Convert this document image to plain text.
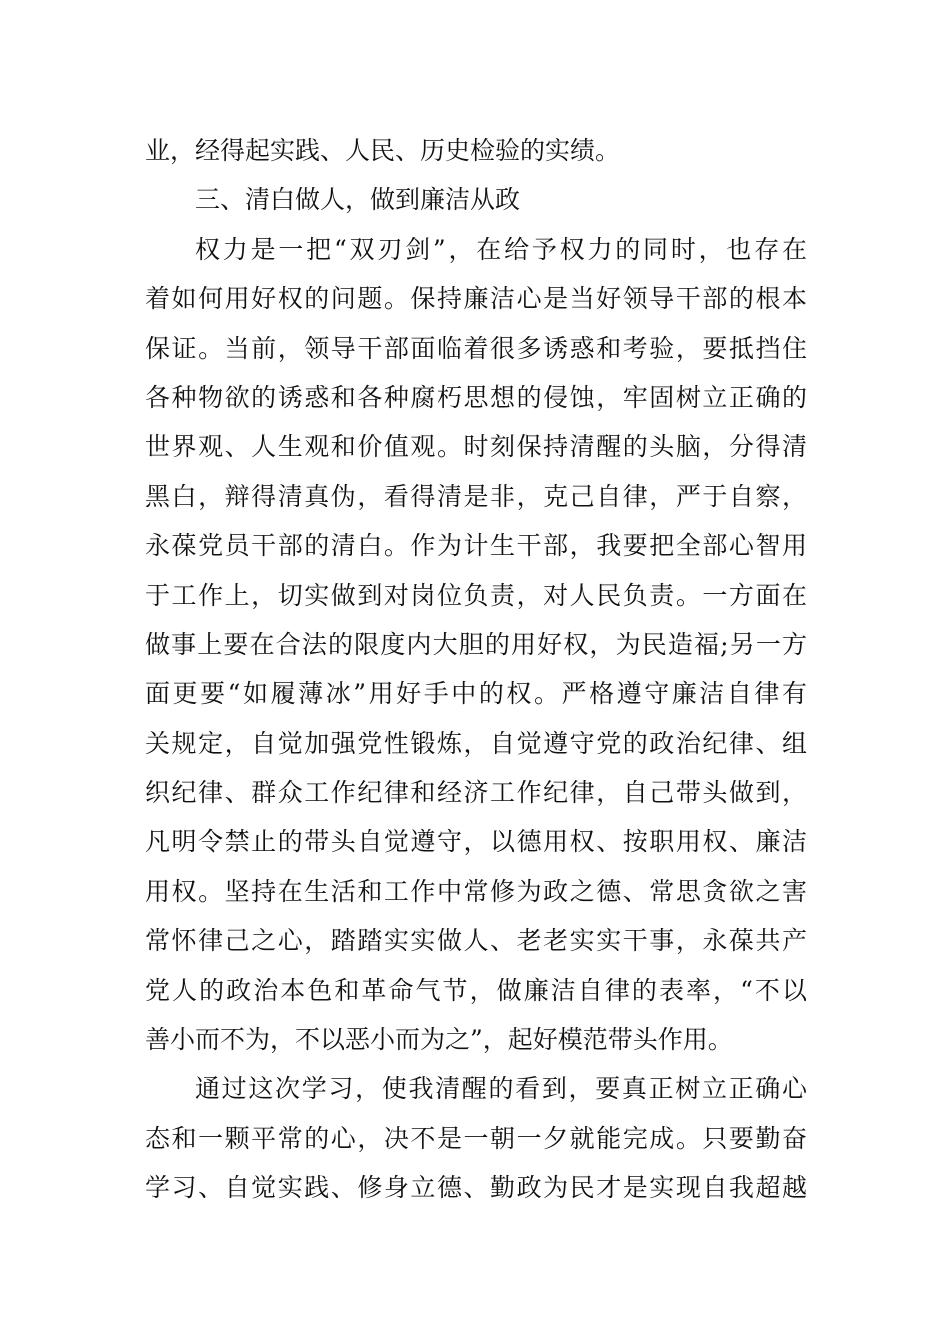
业，经得起实践、人民、历史检验的实绩。
三、清白做人，做到廉洁从政
权力是一把“双刃剑”，在给予权力的同时，也存在
着如何用好权的问题。保持廉洁心是当好领导干部的根本
保证。当前，领导干部面临着很多诱惑和考验，要抵挡住
各种物欲的诱惑和各种腐朽思想的侵蚀，牢固树立正确的
世界观、人生观和价值观。时刻保持清醒的头脑，分得清
黑白，辩得清真伪，看得清是非，克己自律，严于自察，
永葆党员干部的清白。作为计生干部，我要把全部心智用
于工作上，切实做到对岗位负责，对人民负责。一方面在
做事上要在合法的限度内大胆的用好权，为民造福;另一方
面更要“如履薄冰”用好手中的权。严格遵守廉洁自律有
关规定，自觉加强党性锻炼，自觉遵守党的政治纪律、组
织纪律、群众工作纪律和经济工作纪律，自己带头做到，
凡明令禁止的带头自觉遵守，以德用权、按职用权、廉洁
用权。坚持在生活和工作中常修为政之德、常思贪欲之害
常怀律己之心，踏踏实实做人、老老实实干事，永葆共产
党人的政治本色和革命气节，做廉洁自律的表率，“不以
善小而不为，不以恶小而为之”，起好模范带头作用。
通过这次学习，使我清醒的看到，要真正树立正确心
态和一颗平常的心，决不是一朝一夕就能完成。只要勤奋
学习、自觉实践、修身立德、勤政为民才是实现自我超越
